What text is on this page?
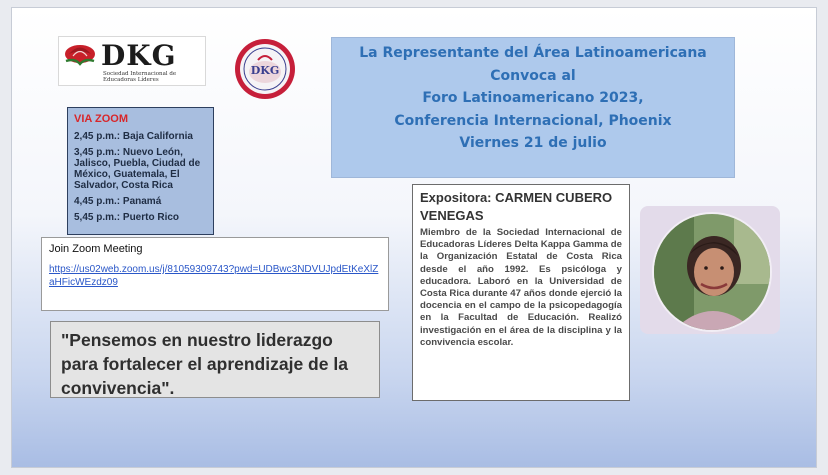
DKG
Sociedad Internacional de Educadoras Líderes
DKG
La Representante del Área Latinoamericana
Convoca al
Foro Latinoamericano 2023,
Conferencia Internacional, Phoenix
Viernes 21 de julio
VIA ZOOM
2,45 p.m.: Baja California
3,45 p.m.: Nuevo León, Jalisco, Puebla, Ciudad de México, Guatemala, El Salvador, Costa Rica
4,45 p.m.: Panamá
5,45 p.m.: Puerto Rico
Join Zoom Meeting
https://us02web.zoom.us/j/81059309743?pwd=UDBwc3NDVUJpdEtKeXlZaHFicWEzdz09
"Pensemos en nuestro liderazgo para fortalecer el aprendizaje de la convivencia".
Expositora: CARMEN CUBERO VENEGAS
Miembro de la Sociedad Internacional de Educadoras Líderes Delta Kappa Gamma de la Organización Estatal de Costa Rica desde el año 1992. Es psicóloga y educadora. Laboró en la Universidad de Costa Rica durante 47 años donde ejerció la docencia en el campo de la psicopedagogía en la Facultad de Educación. Realizó investigación en el área de la disciplina y la convivencia escolar.
